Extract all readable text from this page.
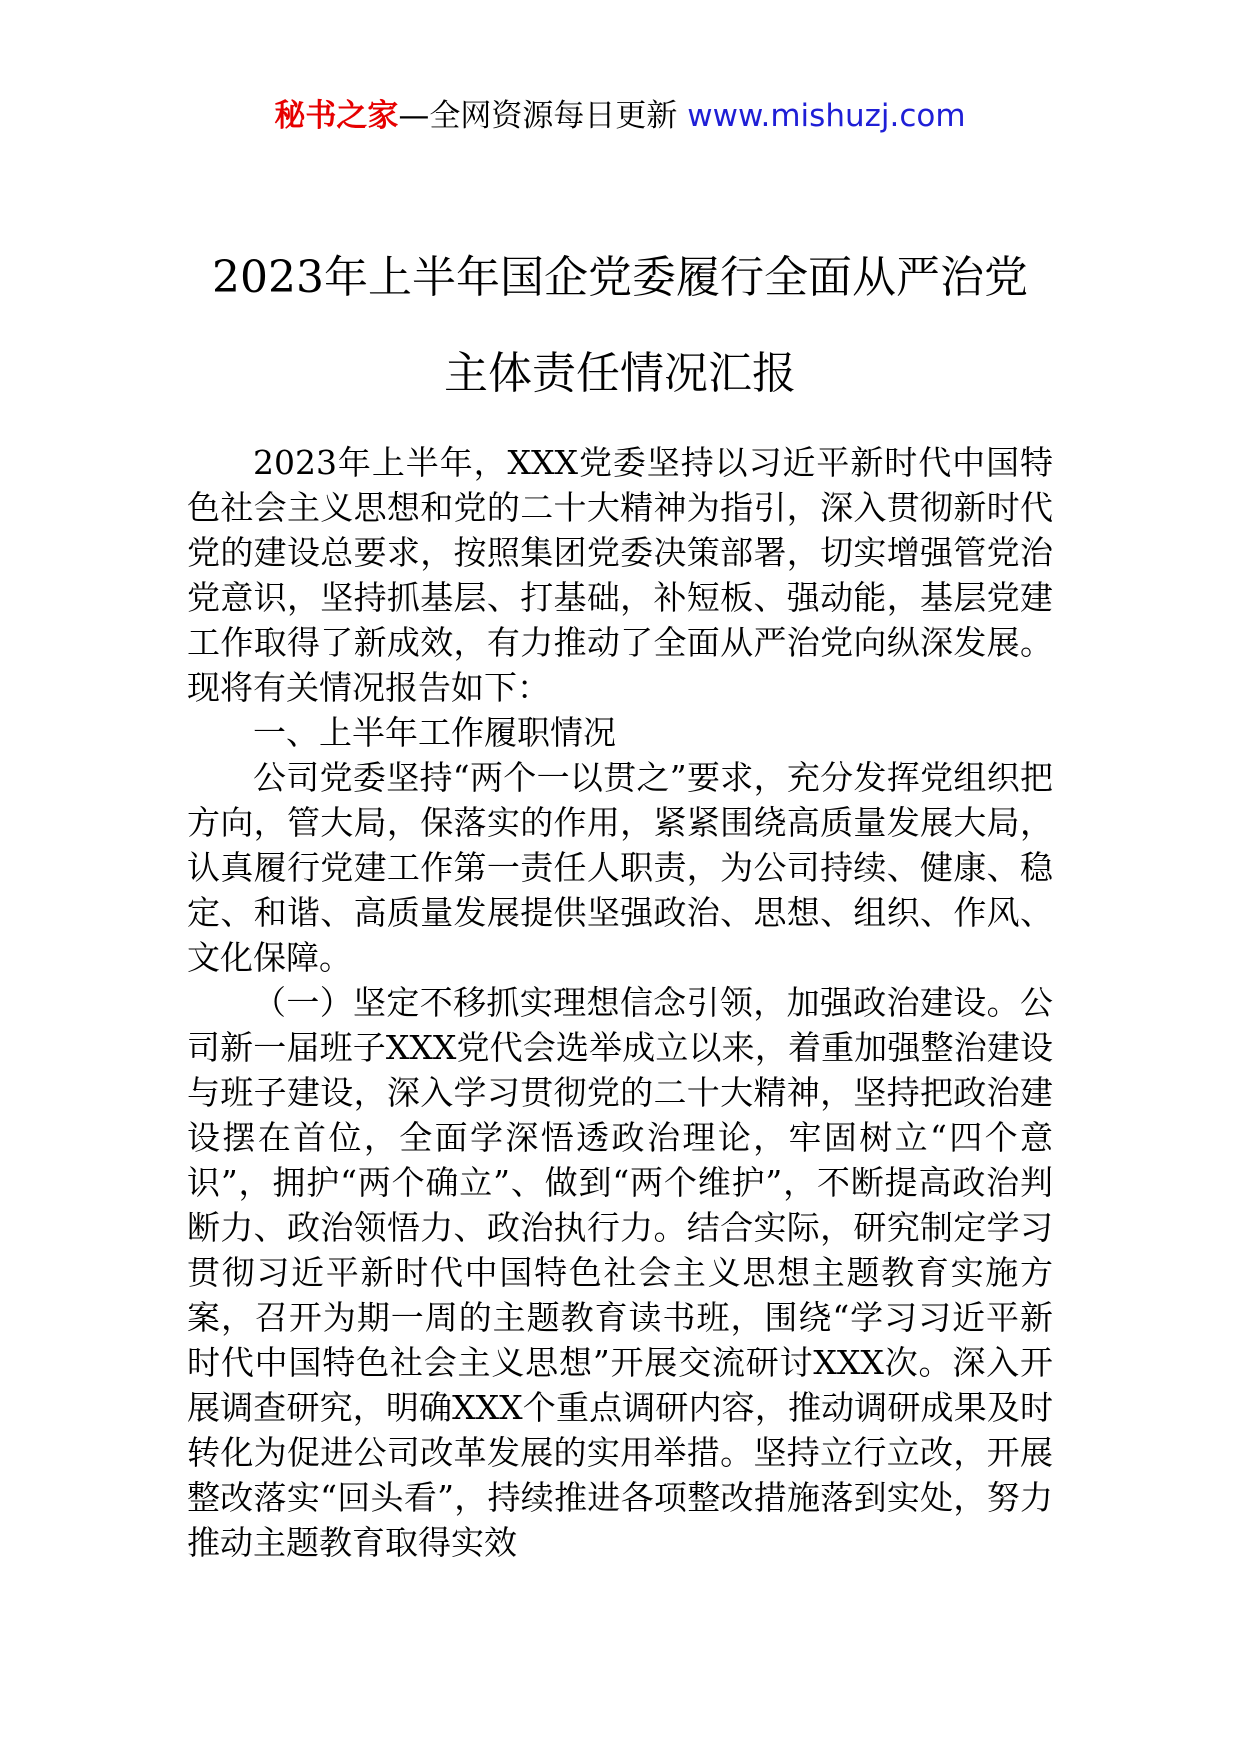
秘书之家—全网资源每日更新 www.mishuzj.com
2023年上半年国企党委履行全面从严治党
主体责任情况汇报

2023年上半年，XXX党委坚持以习近平新时代中国特色社会主义思想和党的二十大精神为指引，深入贯彻新时代党的建设总要求，按照集团党委决策部署，切实增强管党治党意识，坚持抓基层、打基础，补短板、强动能，基层党建工作取得了新成效，有力推动了全面从严治党向纵深发展。现将有关情况报告如下：

一、上半年工作履职情况

公司党委坚持“两个一以贯之”要求，充分发挥党组织把方向，管大局，保落实的作用，紧紧围绕高质量发展大局，认真履行党建工作第一责任人职责，为公司持续、健康、稳定、和谐、高质量发展提供坚强政治、思想、组织、作风、文化保障。

（一）坚定不移抓实理想信念引领，加强政治建设。公司新一届班子XXX党代会选举成立以来，着重加强整治建设与班子建设，深入学习贯彻党的二十大精神，坚持把政治建设摆在首位，全面学深悟透政治理论，牢固树立“四个意识”，拥护“两个确立”、做到“两个维护”，不断提高政治判断力、政治领悟力、政治执行力。结合实际，研究制定学习贯彻习近平新时代中国特色社会主义思想主题教育实施方案，召开为期一周的主题教育读书班，围绕“学习习近平新时代中国特色社会主义思想”开展交流研讨XXX次。深入开展调查研究，明确XXX个重点调研内容，推动调研成果及时转化为促进公司改革发展的实用举措。坚持立行立改，开展整改落实“回头看”，持续推进各项整改措施落到实处，努力推动主题教育取得实效
